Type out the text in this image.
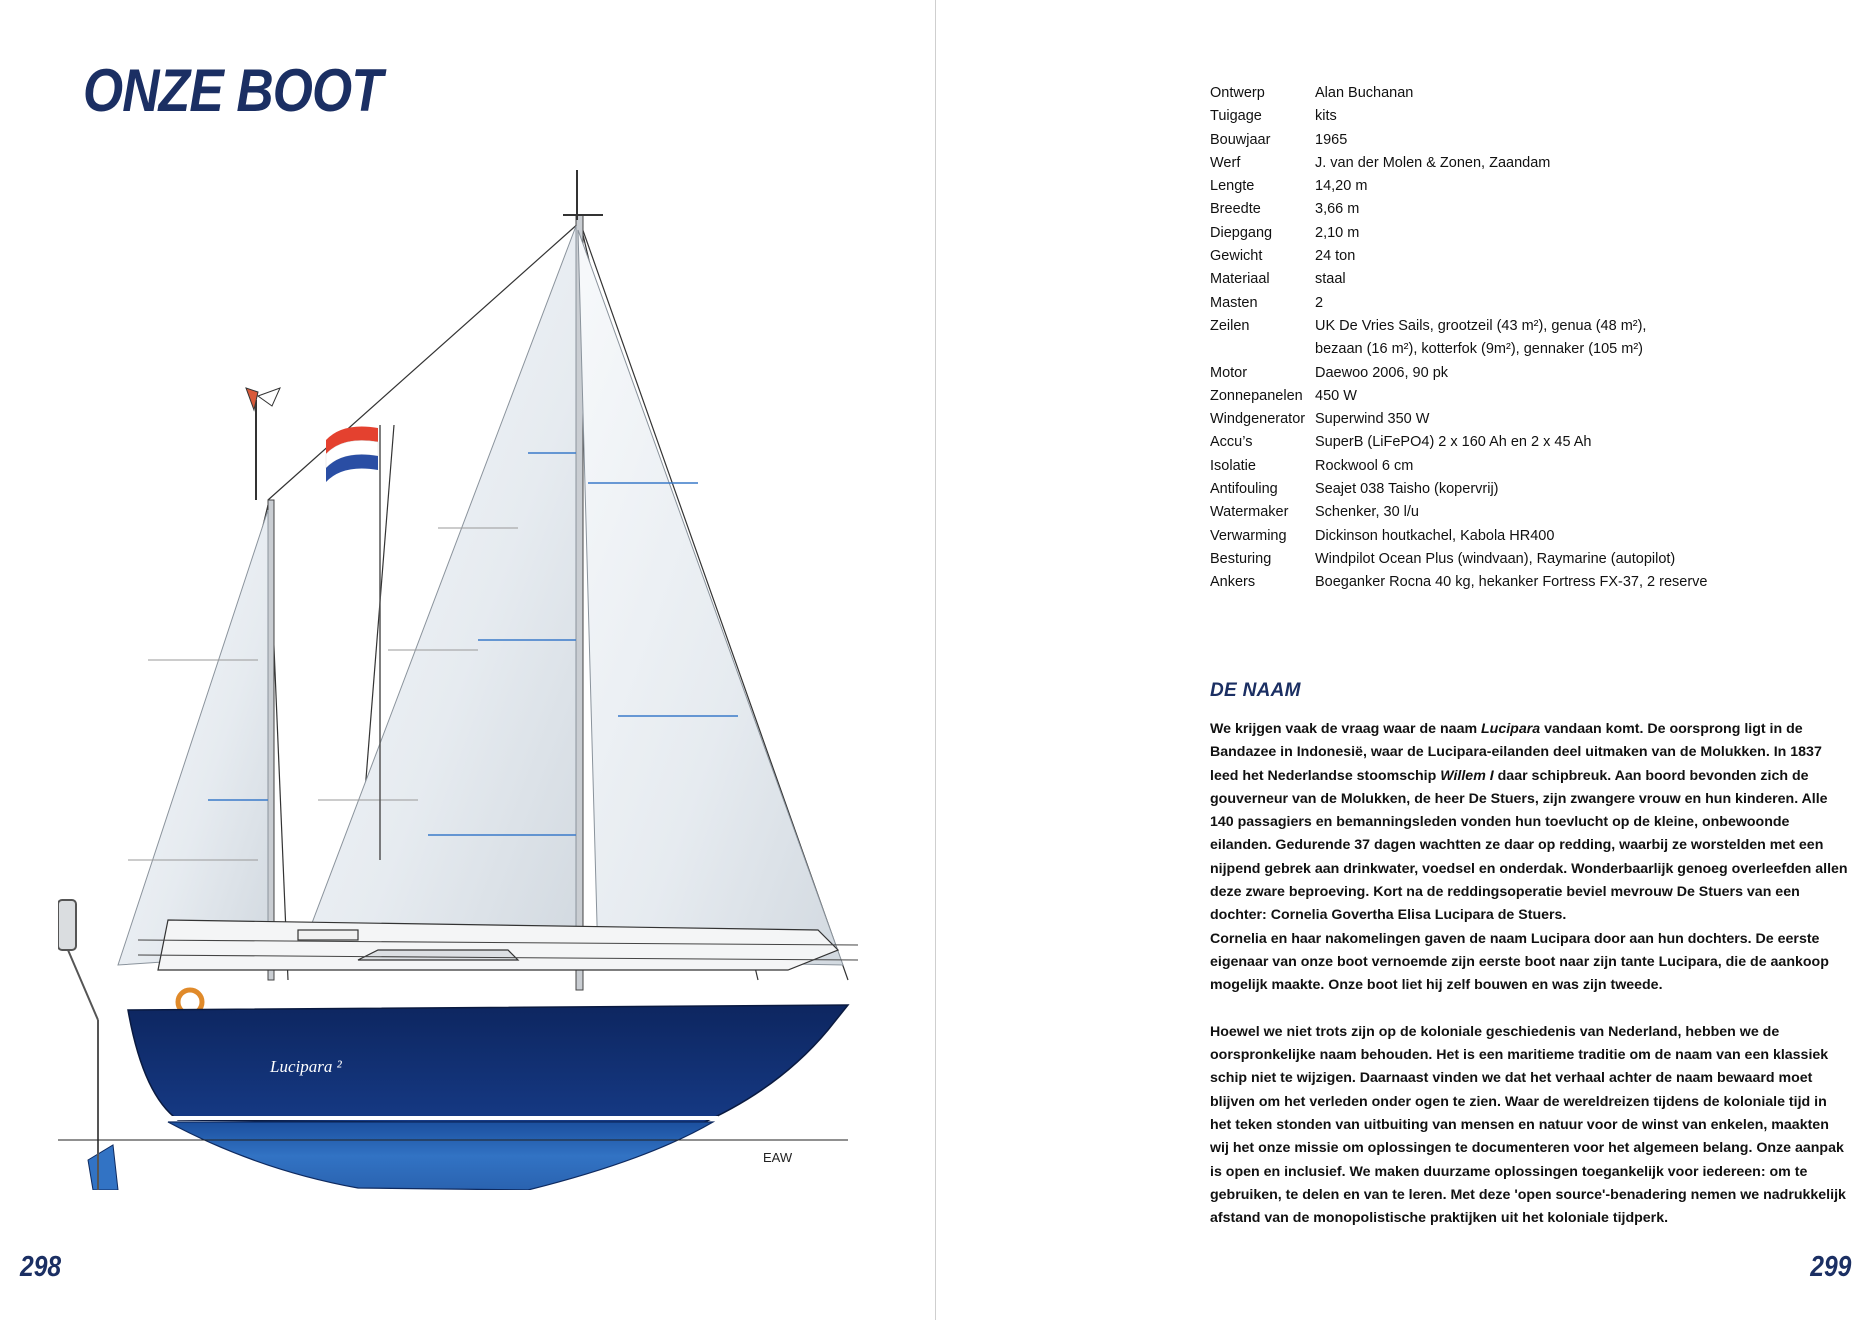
ONZE BOOT
Lucipara ²
EAW
298
Ontwerp	Alan Buchanan
Tuigage	kits
Bouwjaar	1965
Werf	J. van der Molen & Zonen, Zaandam
Lengte	14,20 m
Breedte	3,66 m
Diepgang	2,10 m
Gewicht	24 ton
Materiaal	staal
Masten	2
Zeilen	UK De Vries Sails, grootzeil (43 m²), genua (48 m²),
bezaan (16 m²), kotterfok (9m²), gennaker (105 m²)
Motor	Daewoo 2006, 90 pk
Zonnepanelen 450 W
Windgenerator Superwind 350 W
Accu’s	SuperB (LiFePO4) 2 x 160 Ah en 2 x 45 Ah
Isolatie	Rockwool 6 cm
Antifouling	Seajet 038 Taisho (kopervrij)
Watermaker	Schenker, 30 l/u
Verwarming	Dickinson houtkachel, Kabola HR400
Besturing	Windpilot Ocean Plus (windvaan), Raymarine (autopilot)
Ankers	Boeganker Rocna 40 kg, hekanker Fortress FX-37, 2 reserve
DE NAAM

We krijgen vaak de vraag waar de naam Lucipara vandaan komt. De oorsprong ligt in de Bandazee in Indonesië, waar de Lucipara-eilanden deel uitmaken van de Molukken. In 1837 leed het Nederlandse stoomschip Willem I daar schipbreuk. Aan boord bevonden zich de gouverneur van de Molukken, de heer De Stuers, zijn zwangere vrouw en hun kinderen. Alle 140 passagiers en bemanningsleden vonden hun toevlucht op de kleine, onbewoonde eilanden. Gedurende 37 dagen wachtten ze daar op redding, waarbij ze worstelden met een nijpend gebrek aan drinkwater, voedsel en onderdak. Wonderbaarlijk genoeg overleefden allen deze zware beproeving. Kort na de reddingsoperatie beviel mevrouw De Stuers van een dochter: Cornelia Govertha Elisa Lucipara de Stuers.

Cornelia en haar nakomelingen gaven de naam Lucipara door aan hun dochters. De eerste eigenaar van onze boot vernoemde zijn eerste boot naar zijn tante Lucipara, die de aankoop mogelijk maakte. Onze boot liet hij zelf bouwen en was zijn tweede.

Hoewel we niet trots zijn op de koloniale geschiedenis van Nederland, hebben we de oorspronkelijke naam behouden. Het is een maritieme traditie om de naam van een klassiek schip niet te wijzigen. Daarnaast vinden we dat het verhaal achter de naam bewaard moet blijven om het verleden onder ogen te zien. Waar de wereldreizen tijdens de koloniale tijd in het teken stonden van uitbuiting van mensen en natuur voor de winst van enkelen, maakten wij het onze missie om oplossingen te documenteren voor het algemeen belang. Onze aanpak is open en inclusief. We maken duurzame oplossingen toegankelijk voor iedereen: om te gebruiken, te delen en van te leren. Met deze 'open source'-benadering nemen we nadrukkelijk afstand van de monopolistische praktijken uit het koloniale tijdperk.

299
